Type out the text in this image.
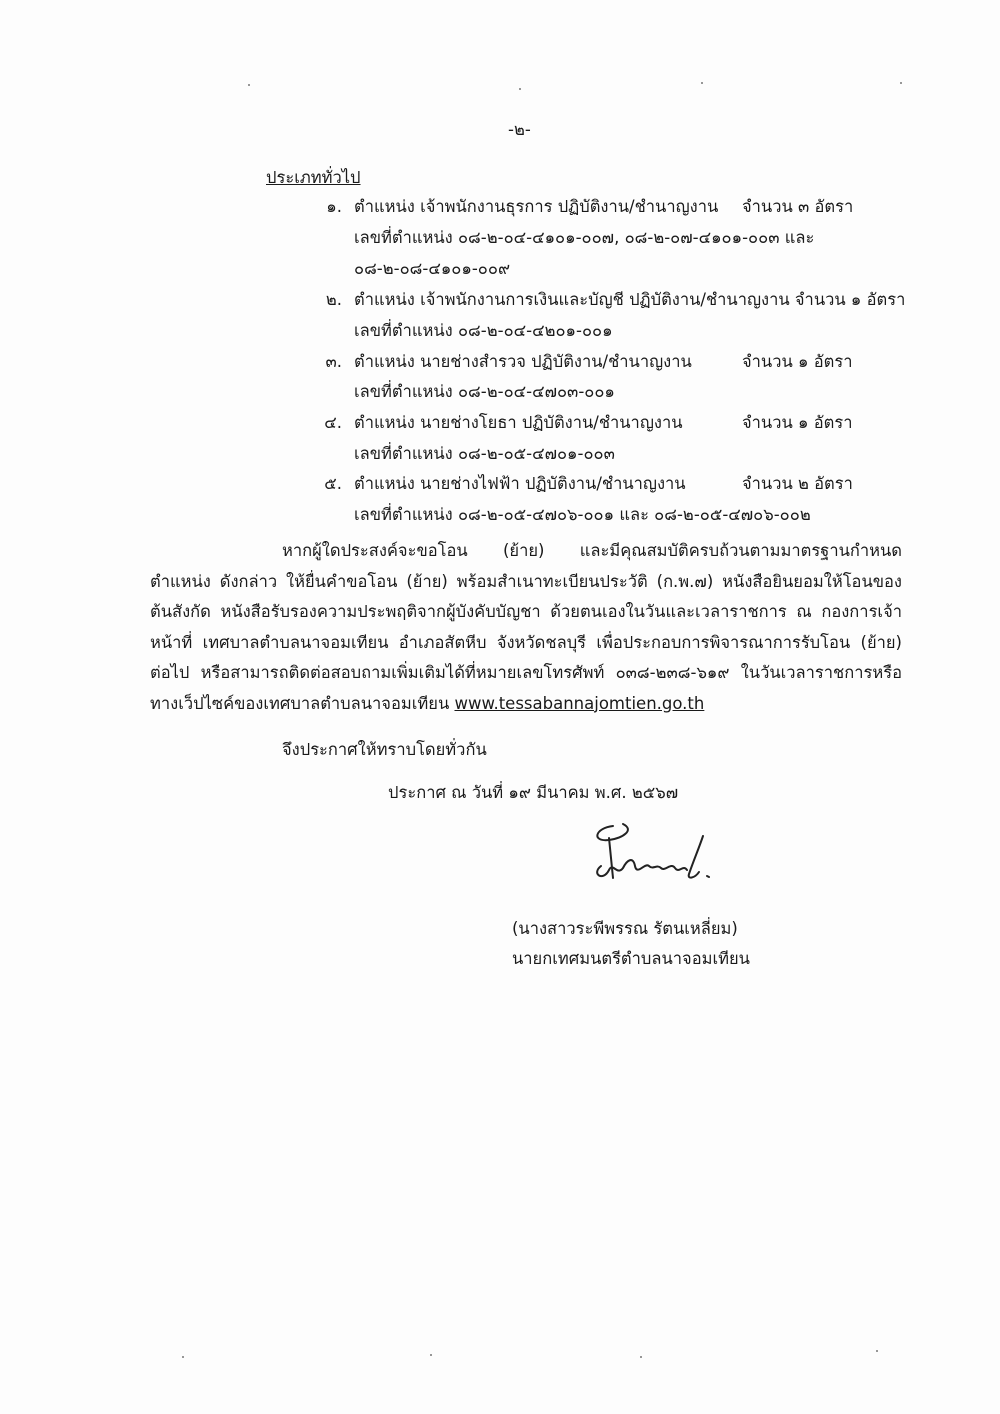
-๒-
ประเภททั่วไป
๑. ตำแหน่ง เจ้าพนักงานธุรการ ปฏิบัติงาน/ชำนาญงาน จำนวน ๓ อัตรา
เลขที่ตำแหน่ง ๐๘-๒-๐๔-๔๑๐๑-๐๐๗, ๐๘-๒-๐๗-๔๑๐๑-๐๐๓ และ
๐๘-๒-๐๘-๔๑๐๑-๐๐๙
๒. ตำแหน่ง เจ้าพนักงานการเงินและบัญชี ปฏิบัติงาน/ชำนาญงาน จำนวน ๑ อัตรา
เลขที่ตำแหน่ง ๐๘-๒-๐๔-๔๒๐๑-๐๐๑
๓. ตำแหน่ง นายช่างสำรวจ ปฏิบัติงาน/ชำนาญงาน	จำนวน ๑ อัตรา
เลขที่ตำแหน่ง ๐๘-๒-๐๔-๔๗๐๓-๐๐๑
๔. ตำแหน่ง นายช่างโยธา ปฏิบัติงาน/ชำนาญงาน	จำนวน ๑ อัตรา
เลขที่ตำแหน่ง ๐๘-๒-๐๕-๔๗๐๑-๐๐๓
๕. ตำแหน่ง นายช่างไฟฟ้า ปฏิบัติงาน/ชำนาญงาน	จำนวน ๒ อัตรา
เลขที่ตำแหน่ง ๐๘-๒-๐๕-๔๗๐๖-๐๐๑ และ ๐๘-๒-๐๕-๔๗๐๖-๐๐๒

หากผู้ใดประสงค์จะขอโอน (ย้าย) และมีคุณสมบัติครบถ้วนตามมาตรฐานกำหนดตำแหน่ง ดังกล่าว ให้ยื่นคำขอโอน (ย้าย) พร้อมสำเนาทะเบียนประวัติ (ก.พ.๗) หนังสือยินยอมให้โอนของต้นสังกัด หนังสือรับรองความประพฤติจากผู้บังคับบัญชา ด้วยตนเองในวันและเวลาราชการ ณ กองการเจ้าหน้าที่ เทศบาลตำบลนาจอมเทียน อำเภอสัตหีบ จังหวัดชลบุรี เพื่อประกอบการพิจารณาการรับโอน (ย้าย) ต่อไป หรือสามารถติดต่อสอบถามเพิ่มเติมได้ที่หมายเลขโทรศัพท์ ๐๓๘-๒๓๘-๖๑๙ ในวันเวลาราชการหรือ ทางเว็ปไซค์ของเทศบาลตำบลนาจอมเทียน www.tessabannajomtien.go.th

จึงประกาศให้ทราบโดยทั่วกัน
ประกาศ ณ วันที่ ๑๙ มีนาคม พ.ศ. ๒๕๖๗
(นางสาวระพีพรรณ รัตนเหลี่ยม)
นายกเทศมนตรีตำบลนาจอมเทียน
